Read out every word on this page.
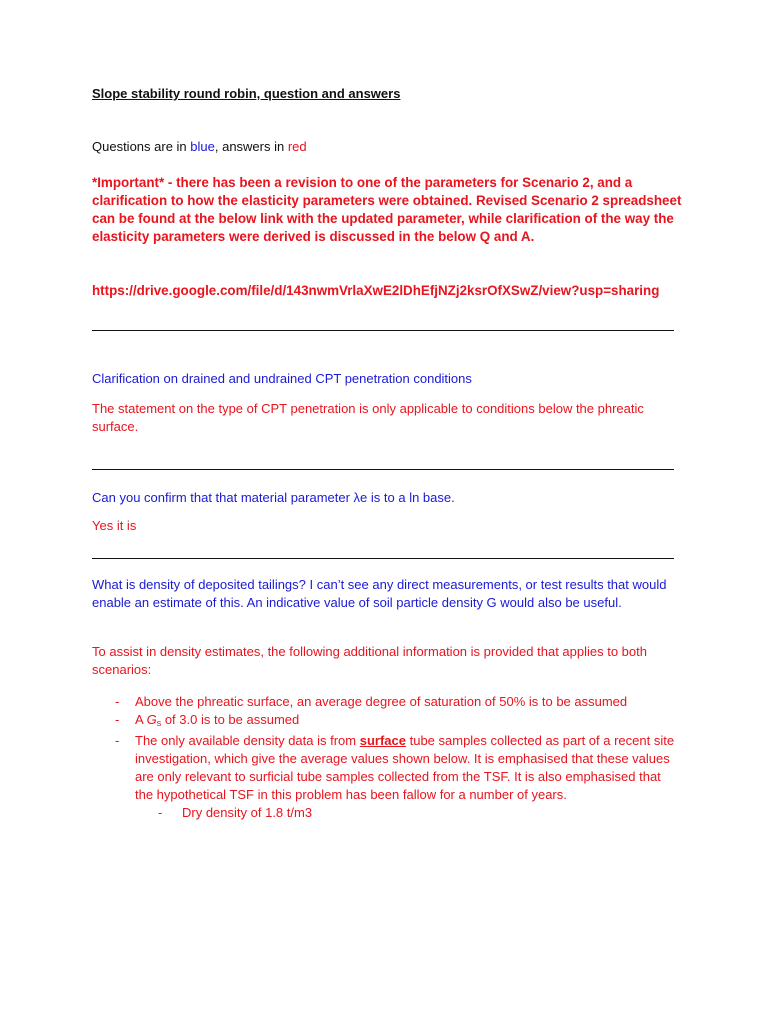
Slope stability round robin, question and answers
Questions are in blue, answers in red
*Important* - there has been a revision to one of the parameters for Scenario 2, and a clarification to how the elasticity parameters were obtained. Revised Scenario 2 spreadsheet can be found at the below link with the updated parameter, while clarification of the way the elasticity parameters were derived is discussed in the below Q and A.
https://drive.google.com/file/d/143nwmVrlaXwE2lDhEfjNZj2ksrOfXSwZ/view?usp=sharing
Clarification on drained and undrained CPT penetration conditions
The statement on the type of CPT penetration is only applicable to conditions below the phreatic surface.
Can you confirm that that material parameter λe is to a ln base.
Yes it is
What is density of deposited tailings? I can’t see any direct measurements, or test results that would enable an estimate of this. An indicative value of soil particle density G would also be useful.
To assist in density estimates, the following additional information is provided that applies to both scenarios:
- Above the phreatic surface, an average degree of saturation of 50% is to be assumed
- A Gs of 3.0 is to be assumed
- The only available density data is from surface tube samples collected as part of a recent site investigation, which give the average values shown below. It is emphasised that these values are only relevant to surficial tube samples collected from the TSF. It is also emphasised that the hypothetical TSF in this problem has been fallow for a number of years.
- Dry density of 1.8 t/m3
